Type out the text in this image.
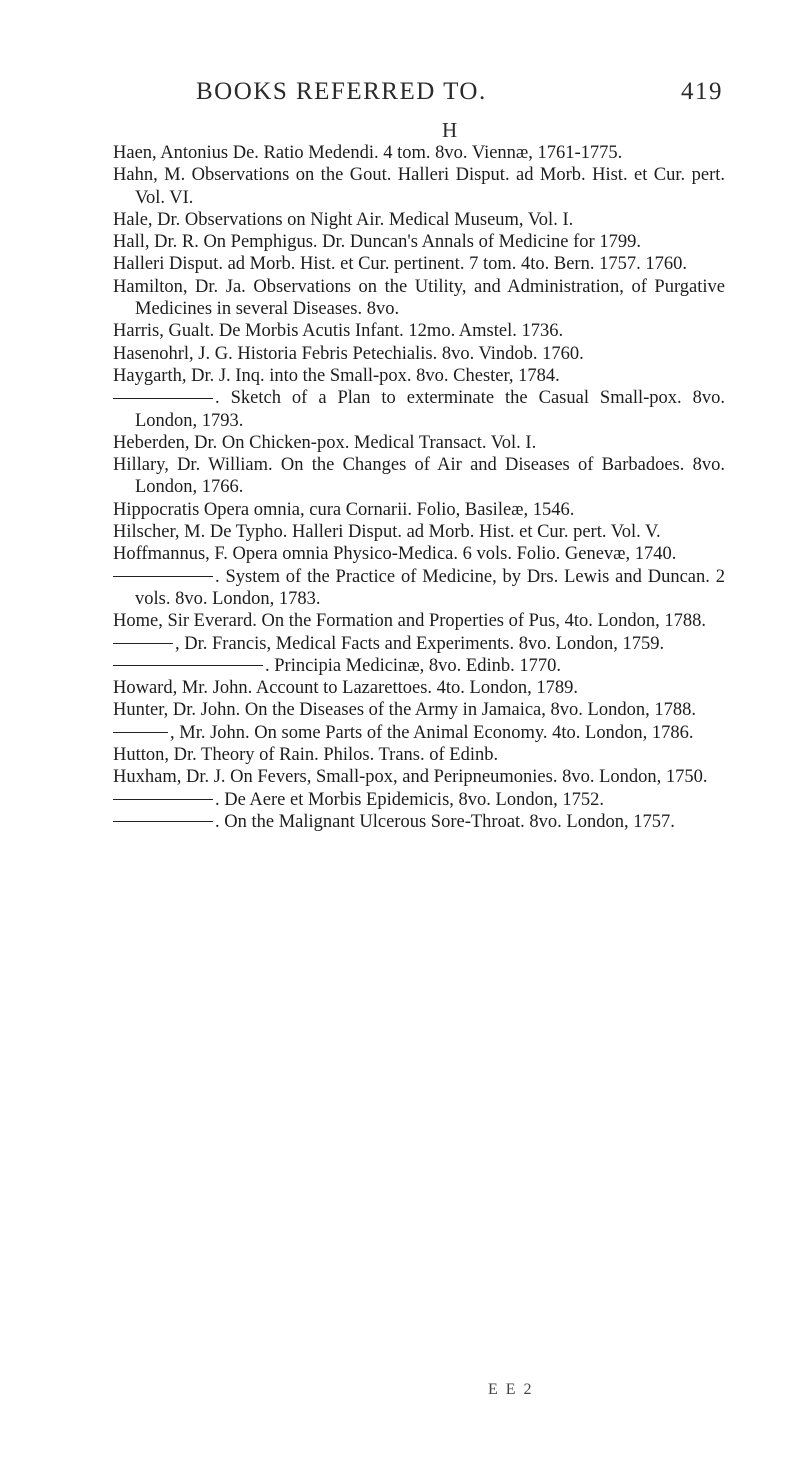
BOOKS REFERRED TO.	419
H
Haen, Antonius De. Ratio Medendi. 4 tom. 8vo. Viennæ, 1761-1775.
Hahn, M. Observations on the Gout. Halleri Disput. ad Morb. Hist. et Cur. pert. Vol. VI.
Hale, Dr. Observations on Night Air. Medical Museum, Vol. I.
Hall, Dr. R. On Pemphigus. Dr. Duncan's Annals of Medicine for 1799.
Halleri Disput. ad Morb. Hist. et Cur. pertinent. 7 tom. 4to. Bern. 1757. 1760.
Hamilton, Dr. Ja. Observations on the Utility, and Administration, of Purgative Medicines in several Diseases. 8vo.
Harris, Gualt. De Morbis Acutis Infant. 12mo. Amstel. 1736.
Hasenohrl, J. G. Historia Febris Petechialis. 8vo. Vindob. 1760.
Haygarth, Dr. J. Inq. into the Small-pox. 8vo. Chester, 1784.
. Sketch of a Plan to exterminate the Casual Small-pox. 8vo. London, 1793.
Heberden, Dr. On Chicken-pox. Medical Transact. Vol. I.
Hillary, Dr. William. On the Changes of Air and Diseases of Barbadoes. 8vo. London, 1766.
Hippocratis Opera omnia, cura Cornarii. Folio, Basileæ, 1546.
Hilscher, M. De Typho. Halleri Disput. ad Morb. Hist. et Cur. pert. Vol. V.
Hoffmannus, F. Opera omnia Physico-Medica. 6 vols. Folio. Genevæ, 1740.
. System of the Practice of Medicine, by Drs. Lewis and Duncan. 2 vols. 8vo. London, 1783.
Home, Sir Everard. On the Formation and Properties of Pus, 4to. London, 1788.
, Dr. Francis, Medical Facts and Experiments. 8vo. London, 1759.
. Principia Medicinæ, 8vo. Edinb. 1770.
Howard, Mr. John. Account to Lazarettoes. 4to. London, 1789.
Hunter, Dr. John. On the Diseases of the Army in Jamaica, 8vo. London, 1788.
, Mr. John. On some Parts of the Animal Economy. 4to. London, 1786.
Hutton, Dr. Theory of Rain. Philos. Trans. of Edinb.
Huxham, Dr. J. On Fevers, Small-pox, and Peripneumonies. 8vo. London, 1750.
. De Aere et Morbis Epidemicis, 8vo. London, 1752.
. On the Malignant Ulcerous Sore-Throat. 8vo. London, 1757.
E E 2
